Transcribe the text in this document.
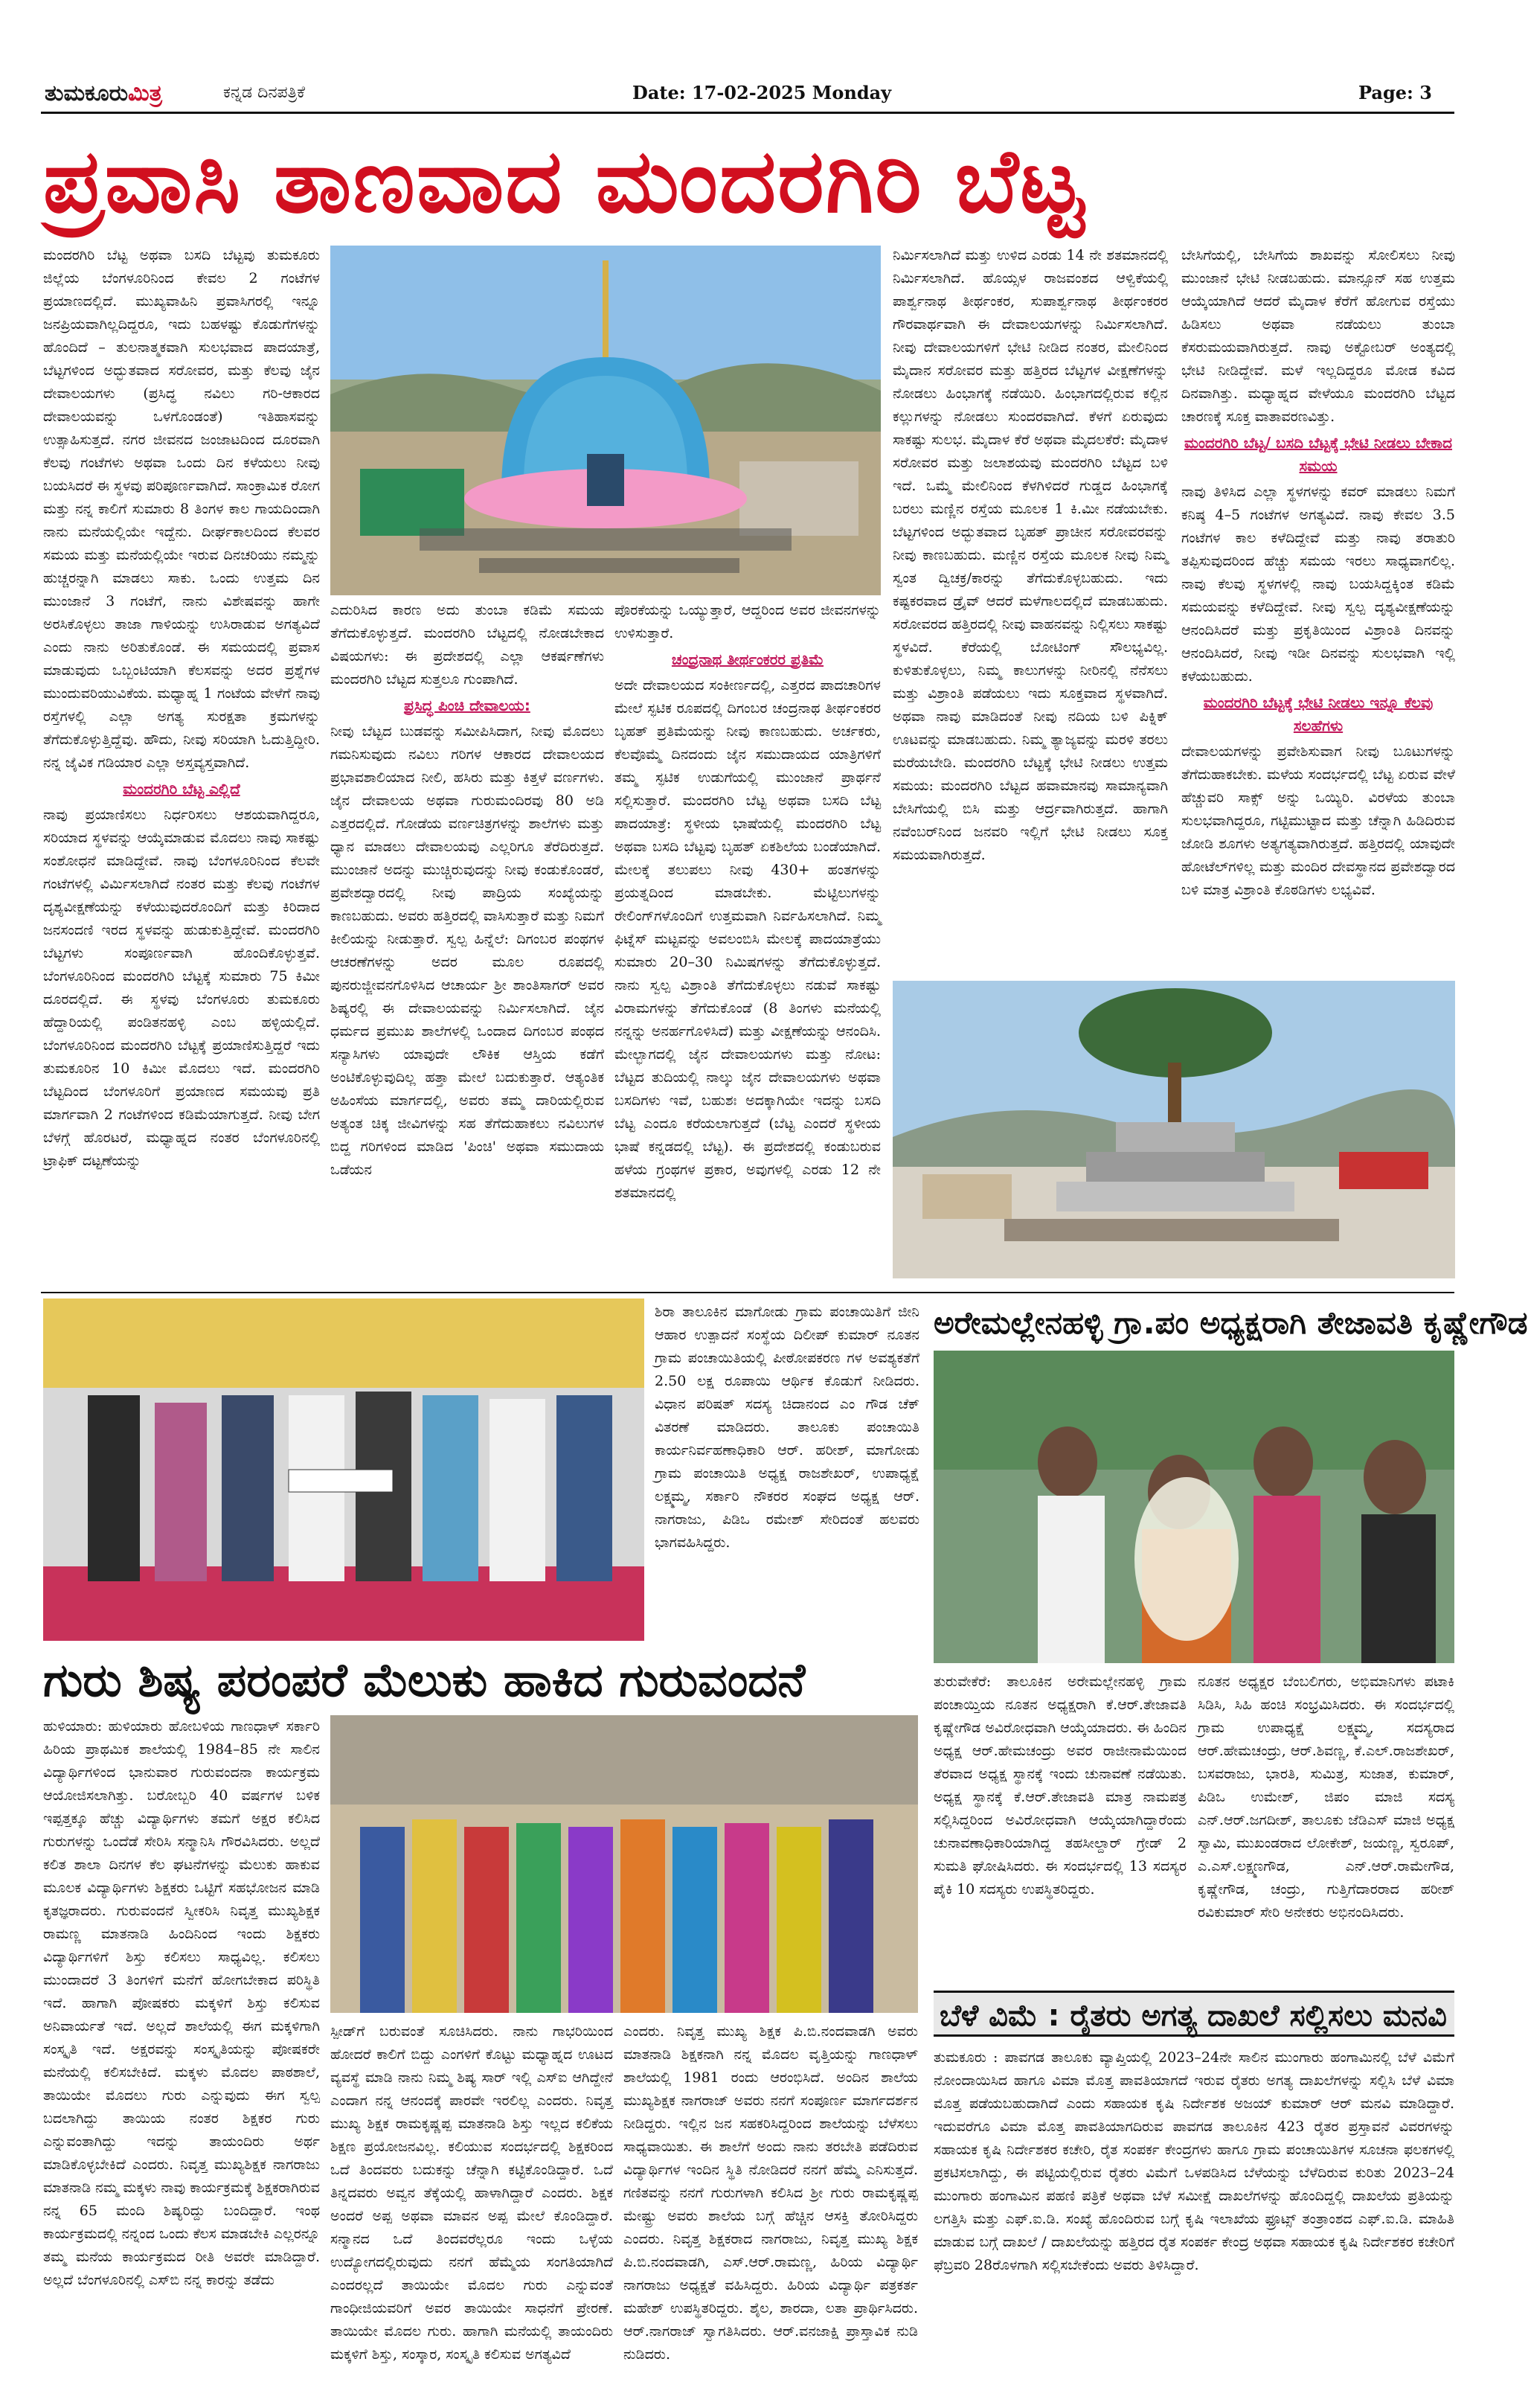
ತುಮಕೂರುಮಿತ್ರ	ಕನ್ನಡ ದಿನಪತ್ರಿಕೆ	Date: 17-02-2025 Monday	Page: 3
ಪ್ರವಾಸಿ ತಾಣವಾದ ಮಂದರಗಿರಿ ಬೆಟ್ಟ

ಮಂದರಗಿರಿ ಬೆಟ್ಟ ಅಥವಾ ಬಸದಿ ಬೆಟ್ಟವು ತುಮಕೂರು ಜಿಲ್ಲೆಯ ಬೆಂಗಳೂರಿನಿಂದ ಕೇವಲ 2 ಗಂಟೆಗಳ ಪ್ರಯಾಣದಲ್ಲಿದೆ. ಮುಖ್ಯವಾಹಿನಿ ಪ್ರವಾಸಿಗರಲ್ಲಿ ಇನ್ನೂ ಜನಪ್ರಿಯವಾಗಿಲ್ಲದಿದ್ದರೂ, ಇದು ಬಹಳಷ್ಟು ಕೊಡುಗೆಗಳನ್ನು ಹೊಂದಿದೆ – ತುಲನಾತ್ಮಕವಾಗಿ ಸುಲಭವಾದ ಪಾದಯಾತ್ರೆ, ಬೆಟ್ಟಗಳಿಂದ ಅದ್ಭುತವಾದ ಸರೋವರ, ಮತ್ತು ಕೆಲವು ಜೈನ ದೇವಾಲಯಗಳು (ಪ್ರಸಿದ್ಧ ನವಿಲು ಗರಿ-ಆಕಾರದ ದೇವಾಲಯವನ್ನು ಒಳಗೊಂಡಂತೆ) ಇತಿಹಾಸವನ್ನು ಉತ್ಸಾಹಿಸುತ್ತದೆ. ನಗರ ಜೀವನದ ಜಂಜಾಟದಿಂದ ದೂರವಾಗಿ ಕೆಲವು ಗಂಟೆಗಳು ಅಥವಾ ಒಂದು ದಿನ ಕಳೆಯಲು ನೀವು ಬಯಸಿದರೆ ಈ ಸ್ಥಳವು ಪರಿಪೂರ್ಣವಾಗಿದೆ. ಸಾಂಕ್ರಾಮಿಕ ರೋಗ ಮತ್ತು ನನ್ನ ಕಾಲಿಗೆ ಸುಮಾರು 8 ತಿಂಗಳ ಕಾಲ ಗಾಯದಿಂದಾಗಿ ನಾನು ಮನೆಯಲ್ಲಿಯೇ ಇದ್ದೆನು. ದೀರ್ಘಕಾಲದಿಂದ ಕೆಲವರ ಸಮಯ ಮತ್ತು ಮನೆಯಲ್ಲಿಯೇ ಇರುವ ದಿನಚರಿಯು ನಮ್ಮನ್ನು ಹುಚ್ಚರನ್ನಾಗಿ ಮಾಡಲು ಸಾಕು. ಒಂದು ಉತ್ತಮ ದಿನ ಮುಂಜಾನೆ 3 ಗಂಟೆಗೆ, ನಾನು ವಿಶೇಷವನ್ನು ಹಾಗೇ ಅರಸಿಕೊಳ್ಳಲು ತಾಜಾ ಗಾಳಿಯನ್ನು ಉಸಿರಾಡುವ ಅಗತ್ಯವಿದೆ ಎಂದು ನಾನು ಅರಿತುಕೊಂಡೆ. ಈ ಸಮಯದಲ್ಲಿ ಪ್ರವಾಸ ಮಾಡುವುದು ಒಬ್ಬಂಟಿಯಾಗಿ ಕೆಲಸವನ್ನು ಅದರ ಪ್ರಶ್ನೆಗಳ ಮುಂದುವರಿಯುವಿಕೆಯ. ಮಧ್ಯಾಹ್ನ 1 ಗಂಟೆಯ ವೇಳೆಗೆ ನಾವು ರಸ್ತೆಗಳಲ್ಲಿ ಎಲ್ಲಾ ಅಗತ್ಯ ಸುರಕ್ಷತಾ ಕ್ರಮಗಳನ್ನು ತೆಗೆದುಕೊಳ್ಳುತ್ತಿದ್ದೆವು. ಹೌದು, ನೀವು ಸರಿಯಾಗಿ ಓದುತ್ತಿದ್ದೀರಿ. ನನ್ನ ಜೈವಿಕ ಗಡಿಯಾರ ಎಲ್ಲಾ ಅಸ್ತವ್ಯಸ್ತವಾಗಿದೆ.

ಮಂದರಗಿರಿ ಬೆಟ್ಟ ಎಲ್ಲಿದೆ

ನಾವು ಪ್ರಯಾಣಿಸಲು ನಿರ್ಧರಿಸಲು ಆಶಯವಾಗಿದ್ದರೂ, ಸರಿಯಾದ ಸ್ಥಳವನ್ನು ಆಯ್ಕೆಮಾಡುವ ಮೊದಲು ನಾವು ಸಾಕಷ್ಟು ಸಂಶೋಧನೆ ಮಾಡಿದ್ದೇವೆ. ನಾವು ಬೆಂಗಳೂರಿನಿಂದ ಕೆಲವೇ ಗಂಟೆಗಳಲ್ಲಿ ವಿರ್ಮಿಸಲಾಗಿದೆ ನಂತರ ಮತ್ತು ಕೆಲವು ಗಂಟೆಗಳ ದೃಶ್ಯವೀಕ್ಷಣೆಯನ್ನು ಕಳೆಯುವುದರೊಂದಿಗೆ ಮತ್ತು ಕಿರಿದಾದ ಜನಸಂದಣಿ ಇರದ ಸ್ಥಳವನ್ನು ಹುಡುಕುತ್ತಿದ್ದೇವೆ. ಮಂದರಗಿರಿ ಬೆಟ್ಟಗಳು ಸಂಪೂರ್ಣವಾಗಿ ಹೊಂದಿಕೊಳ್ಳುತ್ತವೆ. ಬೆಂಗಳೂರಿನಿಂದ ಮಂದರಗಿರಿ ಬೆಟ್ಟಕ್ಕೆ ಸುಮಾರು 75 ಕಿಮೀ ದೂರದಲ್ಲಿದೆ. ಈ ಸ್ಥಳವು ಬೆಂಗಳೂರು ತುಮಕೂರು ಹೆದ್ದಾರಿಯಲ್ಲಿ ಪಂಡಿತನಹಳ್ಳಿ ಎಂಬ ಹಳ್ಳಿಯಲ್ಲಿದೆ. ಬೆಂಗಳೂರಿನಿಂದ ಮಂದರಗಿರಿ ಬೆಟ್ಟಕ್ಕೆ ಪ್ರಯಾಣಿಸುತ್ತಿದ್ದರೆ ಇದು ತುಮಕೂರಿನ 10 ಕಿಮೀ ಮೊದಲು ಇದೆ. ಮಂದರಗಿರಿ ಬೆಟ್ಟದಿಂದ ಬೆಂಗಳೂರಿಗೆ ಪ್ರಯಾಣದ ಸಮಯವು ಪ್ರತಿ ಮಾರ್ಗವಾಗಿ 2 ಗಂಟೆಗಳಿಂದ ಕಡಿಮೆಯಾಗುತ್ತದೆ. ನೀವು ಬೇಗ ಬೆಳಗ್ಗೆ ಹೊರಟರೆ, ಮಧ್ಯಾಹ್ನದ ನಂತರ ಬೆಂಗಳೂರಿನಲ್ಲಿ ಟ್ರಾಫಿಕ್ ದಟ್ಟಣೆಯನ್ನು

ಎದುರಿಸಿದ ಕಾರಣ ಅದು ತುಂಬಾ ಕಡಿಮೆ ಸಮಯ ತೆಗೆದುಕೊಳ್ಳುತ್ತದೆ. ಮಂದರಗಿರಿ ಬೆಟ್ಟದಲ್ಲಿ ನೋಡಬೇಕಾದ ವಿಷಯಗಳು: ಈ ಪ್ರದೇಶದಲ್ಲಿ ಎಲ್ಲಾ ಆಕರ್ಷಣೆಗಳು ಮಂದರಗಿರಿ ಬೆಟ್ಟದ ಸುತ್ತಲೂ ಗುಂಪಾಗಿದೆ.

ಪ್ರಸಿದ್ಧ ಪಿಂಚಿ ದೇವಾಲಯ:

ನೀವು ಬೆಟ್ಟದ ಬುಡವನ್ನು ಸಮೀಪಿಸಿದಾಗ, ನೀವು ಮೊದಲು ಗಮನಿಸುವುದು ನವಿಲು ಗರಿಗಳ ಆಕಾರದ ದೇವಾಲಯದ ಪ್ರಭಾವಶಾಲಿಯಾದ ನೀಲಿ, ಹಸಿರು ಮತ್ತು ಕಿತ್ತಳೆ ವರ್ಣಗಳು. ಜೈನ ದೇವಾಲಯ ಅಥವಾ ಗುರುಮಂದಿರವು 80 ಅಡಿ ಎತ್ತರದಲ್ಲಿದೆ. ಗೋಡೆಯ ವರ್ಣಚಿತ್ರಗಳನ್ನು ಶಾಲೆಗಳು ಮತ್ತು ಧ್ಯಾನ ಮಾಡಲು ದೇವಾಲಯವು ಎಲ್ಲರಿಗೂ ತೆರೆದಿರುತ್ತದೆ. ಮುಂಜಾನೆ ಅದನ್ನು ಮುಚ್ಚಿರುವುದನ್ನು ನೀವು ಕಂಡುಕೊಂಡರೆ, ಪ್ರವೇಶದ್ವಾರದಲ್ಲಿ ನೀವು ಪಾದ್ರಿಯ ಸಂಖ್ಯೆಯನ್ನು ಕಾಣಬಹುದು. ಅವರು ಹತ್ತಿರದಲ್ಲಿ ವಾಸಿಸುತ್ತಾರೆ ಮತ್ತು ನಿಮಗೆ ಕೀಲಿಯನ್ನು ನೀಡುತ್ತಾರೆ. ಸ್ವಲ್ಪ ಹಿನ್ನೆಲೆ: ದಿಗಂಬರ ಪಂಥಗಳ ಆಚರಣೆಗಳನ್ನು ಅದರ ಮೂಲ ರೂಪದಲ್ಲಿ ಪುನರುಜ್ಜೀವನಗೊಳಿಸಿದ ಆಚಾರ್ಯ ಶ್ರೀ ಶಾಂತಿಸಾಗರ್ ಅವರ ಶಿಷ್ಯರಲ್ಲಿ ಈ ದೇವಾಲಯವನ್ನು ನಿರ್ಮಿಸಲಾಗಿದೆ. ಜೈನ ಧರ್ಮದ ಪ್ರಮುಖ ಶಾಲೆಗಳಲ್ಲಿ ಒಂದಾದ ದಿಗಂಬರ ಪಂಥದ ಸನ್ಯಾಸಿಗಳು ಯಾವುದೇ ಲೌಕಿಕ ಆಸ್ತಿಯ ಕಡೆಗೆ ಅಂಟಿಕೊಳ್ಳುವುದಿಲ್ಲ ಹತ್ತಾ ಮೇಲೆ ಬದುಕುತ್ತಾರೆ. ಆತ್ಯಂತಿಕ ಅಹಿಂಸೆಯ ಮಾರ್ಗದಲ್ಲಿ, ಅವರು ತಮ್ಮ ದಾರಿಯಲ್ಲಿರುವ ಅತ್ಯಂತ ಚಿಕ್ಕ ಜೀವಿಗಳನ್ನು ಸಹ ತೆಗೆದುಹಾಕಲು ನವಿಲುಗಳ ಬಿದ್ದ ಗರಿಗಳಿಂದ ಮಾಡಿದ 'ಪಿಂಚಿ' ಅಥವಾ ಸಮುದಾಯ ಒಡೆಯನ

ಪೊರಕೆಯನ್ನು ಒಯ್ಯುತ್ತಾರೆ, ಆದ್ದರಿಂದ ಅವರ ಜೀವನಗಳನ್ನು ಉಳಿಸುತ್ತಾರೆ.

ಚಂದ್ರನಾಥ ತೀರ್ಥಂಕರರ ಪ್ರತಿಮೆ

ಅದೇ ದೇವಾಲಯದ ಸಂಕೀರ್ಣದಲ್ಲಿ, ಎತ್ತರದ ಪಾದಚಾರಿಗಳ ಮೇಲೆ ಸ್ಫಟಿಕ ರೂಪದಲ್ಲಿ ದಿಗಂಬರ ಚಂದ್ರನಾಥ ತೀರ್ಥಂಕರರ ಬೃಹತ್ ಪ್ರತಿಮೆಯನ್ನು ನೀವು ಕಾಣಬಹುದು. ಅರ್ಚಕರು, ಕೆಲವೊಮ್ಮೆ ದಿನದಂದು ಜೈನ ಸಮುದಾಯದ ಯಾತ್ರಿಗಳಿಗೆ ತಮ್ಮ ಸ್ಫಟಿಕ ಉಡುಗೆಯಲ್ಲಿ ಮುಂಜಾನೆ ಪ್ರಾರ್ಥನೆ ಸಲ್ಲಿಸುತ್ತಾರೆ. ಮಂದರಗಿರಿ ಬೆಟ್ಟ ಅಥವಾ ಬಸದಿ ಬೆಟ್ಟ ಪಾದಯಾತ್ರೆ: ಸ್ಥಳೀಯ ಭಾಷೆಯಲ್ಲಿ ಮಂದರಗಿರಿ ಬೆಟ್ಟ ಅಥವಾ ಬಸದಿ ಬೆಟ್ಟವು ಬೃಹತ್ ಏಕಶಿಲೆಯ ಬಂಡೆಯಾಗಿದೆ. ಮೇಲಕ್ಕೆ ತಲುಪಲು ನೀವು 430+ ಹಂತಗಳನ್ನು ಪ್ರಯತ್ನದಿಂದ ಮಾಡಬೇಕು. ಮೆಟ್ಟಿಲುಗಳನ್ನು ರೇಲಿಂಗ್‌ಗಳೊಂದಿಗೆ ಉತ್ತಮವಾಗಿ ನಿರ್ವಹಿಸಲಾಗಿದೆ. ನಿಮ್ಮ ಫಿಟ್ನೆಸ್ ಮಟ್ಟವನ್ನು ಅವಲಂಬಿಸಿ ಮೇಲಕ್ಕೆ ಪಾದಯಾತ್ರೆಯು ಸುಮಾರು 20–30 ನಿಮಿಷಗಳನ್ನು ತೆಗೆದುಕೊಳ್ಳುತ್ತದೆ. ನಾನು ಸ್ವಲ್ಪ ವಿಶ್ರಾಂತಿ ತೆಗೆದುಕೊಳ್ಳಲು ನಡುವೆ ಸಾಕಷ್ಟು ವಿರಾಮಗಳನ್ನು ತೆಗೆದುಕೊಂಡೆ (8 ತಿಂಗಳು ಮನೆಯಲ್ಲಿ ನನ್ನನ್ನು ಅನರ್ಹಗೊಳಿಸಿದೆ) ಮತ್ತು ವೀಕ್ಷಣೆಯನ್ನು ಆನಂದಿಸಿ. ಮೇಲ್ಭಾಗದಲ್ಲಿ ಜೈನ ದೇವಾಲಯಗಳು ಮತ್ತು ನೋಟ: ಬೆಟ್ಟದ ತುದಿಯಲ್ಲಿ ನಾಲ್ಕು ಜೈನ ದೇವಾಲಯಗಳು ಅಥವಾ ಬಸದಿಗಳು ಇವೆ, ಬಹುಶಃ ಅದಕ್ಕಾಗಿಯೇ ಇದನ್ನು ಬಸದಿ ಬೆಟ್ಟ ಎಂದೂ ಕರೆಯಲಾಗುತ್ತದೆ (ಬೆಟ್ಟ ಎಂದರೆ ಸ್ಥಳೀಯ ಭಾಷೆ ಕನ್ನಡದಲ್ಲಿ ಬೆಟ್ಟ). ಈ ಪ್ರದೇಶದಲ್ಲಿ ಕಂಡುಬರುವ ಹಳೆಯ ಗ್ರಂಥಗಳ ಪ್ರಕಾರ, ಅವುಗಳಲ್ಲಿ ಎರಡು 12 ನೇ ಶತಮಾನದಲ್ಲಿ

ನಿರ್ಮಿಸಲಾಗಿದೆ ಮತ್ತು ಉಳಿದ ಎರಡು 14 ನೇ ಶತಮಾನದಲ್ಲಿ ನಿರ್ಮಿಸಲಾಗಿದೆ. ಹೊಯ್ಸಳ ರಾಜವಂಶದ ಆಳ್ವಿಕೆಯಲ್ಲಿ ಪಾರ್ಶ್ವನಾಥ ತೀರ್ಥಂಕರ, ಸುಪಾರ್ಶ್ವನಾಥ ತೀರ್ಥಂಕರರ ಗೌರವಾರ್ಥವಾಗಿ ಈ ದೇವಾಲಯಗಳನ್ನು ನಿರ್ಮಿಸಲಾಗಿದೆ. ನೀವು ದೇವಾಲಯಗಳಿಗೆ ಭೇಟಿ ನೀಡಿದ ನಂತರ, ಮೇಲಿನಿಂದ ಮೈದಾನ ಸರೋವರ ಮತ್ತು ಹತ್ತಿರದ ಬೆಟ್ಟಗಳ ವೀಕ್ಷಣೆಗಳನ್ನು ನೋಡಲು ಹಿಂಭಾಗಕ್ಕೆ ನಡೆಯಿರಿ. ಹಿಂಭಾಗದಲ್ಲಿರುವ ಕಲ್ಲಿನ ಕಲ್ಲುಗಳನ್ನು ನೋಡಲು ಸುಂದರವಾಗಿದೆ. ಕೆಳಗೆ ಏರುವುದು ಸಾಕಷ್ಟು ಸುಲಭ. ಮೈದಾಳ ಕೆರೆ ಅಥವಾ ಮೈದಲಕೆರೆ: ಮೈದಾಳ ಸರೋವರ ಮತ್ತು ಜಲಾಶಯವು ಮಂದರಗಿರಿ ಬೆಟ್ಟದ ಬಳಿ ಇದೆ. ಒಮ್ಮೆ ಮೇಲಿನಿಂದ ಕೆಳಗಿಳಿದರೆ ಗುಡ್ಡದ ಹಿಂಭಾಗಕ್ಕೆ ಬರಲು ಮಣ್ಣಿನ ರಸ್ತೆಯ ಮೂಲಕ 1 ಕಿ.ಮೀ ನಡೆಯಬೇಕು. ಬೆಟ್ಟಗಳಿಂದ ಅದ್ಭುತವಾದ ಬೃಹತ್ ಪ್ರಾಚೀನ ಸರೋವರವನ್ನು ನೀವು ಕಾಣಬಹುದು. ಮಣ್ಣಿನ ರಸ್ತೆಯ ಮೂಲಕ ನೀವು ನಿಮ್ಮ ಸ್ವಂತ ದ್ವಿಚಕ್ರ/ಕಾರನ್ನು ತೆಗೆದುಕೊಳ್ಳಬಹುದು. ಇದು ಕಷ್ಟಕರವಾದ ಡ್ರೈವ್ ಆದರೆ ಮಳೆಗಾಲದಲ್ಲಿದೆ ಮಾಡಬಹುದು. ಸರೋವರದ ಹತ್ತಿರದಲ್ಲಿ ನೀವು ವಾಹನವನ್ನು ನಿಲ್ಲಿಸಲು ಸಾಕಷ್ಟು ಸ್ಥಳವಿದೆ. ಕೆರೆಯಲ್ಲಿ ಬೋಟಿಂಗ್ ಸೌಲಭ್ಯವಿಲ್ಲ. ಕುಳಿತುಕೊಳ್ಳಲು, ನಿಮ್ಮ ಕಾಲುಗಳನ್ನು ನೀರಿನಲ್ಲಿ ನೆನೆಸಲು ಮತ್ತು ವಿಶ್ರಾಂತಿ ಪಡೆಯಲು ಇದು ಸೂಕ್ತವಾದ ಸ್ಥಳವಾಗಿದೆ. ಅಥವಾ ನಾವು ಮಾಡಿದಂತೆ ನೀವು ನದಿಯ ಬಳಿ ಪಿಕ್ನಿಕ್ ಊಟವನ್ನು ಮಾಡಬಹುದು. ನಿಮ್ಮ ತ್ಯಾಜ್ಯವನ್ನು ಮರಳಿ ತರಲು ಮರೆಯಬೇಡಿ. ಮಂದರಗಿರಿ ಬೆಟ್ಟಕ್ಕೆ ಭೇಟಿ ನೀಡಲು ಉತ್ತಮ ಸಮಯ: ಮಂದರಗಿರಿ ಬೆಟ್ಟದ ಹವಾಮಾನವು ಸಾಮಾನ್ಯವಾಗಿ ಬೇಸಿಗೆಯಲ್ಲಿ ಬಿಸಿ ಮತ್ತು ಆರ್ದ್ರವಾಗಿರುತ್ತದೆ. ಹಾಗಾಗಿ ನವೆಂಬರ್‌ನಿಂದ ಜನವರಿ ಇಲ್ಲಿಗೆ ಭೇಟಿ ನೀಡಲು ಸೂಕ್ತ ಸಮಯವಾಗಿರುತ್ತದೆ.

ಬೇಸಿಗೆಯಲ್ಲಿ, ಬೇಸಿಗೆಯ ಶಾಖವನ್ನು ಸೋಲಿಸಲು ನೀವು ಮುಂಜಾನೆ ಭೇಟಿ ನೀಡಬಹುದು. ಮಾನ್ಸೂನ್ ಸಹ ಉತ್ತಮ ಆಯ್ಕೆಯಾಗಿದೆ ಆದರೆ ಮೈದಾಳ ಕೆರೆಗೆ ಹೋಗುವ ರಸ್ತೆಯು ಹಿಡಿಸಲು ಅಥವಾ ನಡೆಯಲು ತುಂಬಾ ಕೆಸರುಮಯವಾಗಿರುತ್ತದೆ. ನಾವು ಅಕ್ಟೋಬರ್ ಅಂತ್ಯದಲ್ಲಿ ಭೇಟಿ ನೀಡಿದ್ದೇವೆ. ಮಳೆ ಇಲ್ಲದಿದ್ದರೂ ಮೋಡ ಕವಿದ ದಿನವಾಗಿತ್ತು. ಮಧ್ಯಾಹ್ನದ ವೇಳೆಯೂ ಮಂದರಗಿರಿ ಬೆಟ್ಟದ ಚಾರಣಕ್ಕೆ ಸೂಕ್ತ ವಾತಾವರಣವಿತ್ತು.

ಮಂದರಗಿರಿ ಬೆಟ್ಟ/ ಬಸದಿ ಬೆಟ್ಟಕ್ಕೆ ಭೇಟಿ ನೀಡಲು ಬೇಕಾದ ಸಮಯ

ನಾವು ತಿಳಿಸಿದ ಎಲ್ಲಾ ಸ್ಥಳಗಳನ್ನು ಕವರ್ ಮಾಡಲು ನಿಮಗೆ ಕನಿಷ್ಠ 4–5 ಗಂಟೆಗಳ ಅಗತ್ಯವಿದೆ. ನಾವು ಕೇವಲ 3.5 ಗಂಟೆಗಳ ಕಾಲ ಕಳೆದಿದ್ದೇವೆ ಮತ್ತು ನಾವು ತರಾತುರಿ ತಪ್ಪಿಸುವುದರಿಂದ ಹೆಚ್ಚು ಸಮಯ ಇರಲು ಸಾಧ್ಯವಾಗಲಿಲ್ಲ. ನಾವು ಕೆಲವು ಸ್ಥಳಗಳಲ್ಲಿ ನಾವು ಬಯಸಿದ್ದಕ್ಕಿಂತ ಕಡಿಮೆ ಸಮಯವನ್ನು ಕಳೆದಿದ್ದೇವೆ. ನೀವು ಸ್ವಲ್ಪ ದೃಶ್ಯವೀಕ್ಷಣೆಯನ್ನು ಆನಂದಿಸಿದರೆ ಮತ್ತು ಪ್ರಕೃತಿಯಿಂದ ವಿಶ್ರಾಂತಿ ದಿನವನ್ನು ಆನಂದಿಸಿದರೆ, ನೀವು ಇಡೀ ದಿನವನ್ನು ಸುಲಭವಾಗಿ ಇಲ್ಲಿ ಕಳೆಯಬಹುದು.

ಮಂದರಗಿರಿ ಬೆಟ್ಟಕ್ಕೆ ಭೇಟಿ ನೀಡಲು ಇನ್ನೂ ಕೆಲವು ಸಲಹೆಗಳು

ದೇವಾಲಯಗಳನ್ನು ಪ್ರವೇಶಿಸುವಾಗ ನೀವು ಬೂಟುಗಳನ್ನು ತೆಗೆದುಹಾಕಬೇಕು. ಮಳೆಯ ಸಂದರ್ಭದಲ್ಲಿ ಬೆಟ್ಟ ಏರುವ ವೇಳೆ ಹೆಚ್ಚುವರಿ ಸಾಕ್ಸ್ ಅನ್ನು ಒಯ್ಯಿರಿ. ವಿರಳೆಯ ತುಂಬಾ ಸುಲಭವಾಗಿದ್ದರೂ, ಗಟ್ಟಿಮುಟ್ಟಾದ ಮತ್ತು ಚೆನ್ನಾಗಿ ಹಿಡಿದಿರುವ ಜೋಡಿ ಶೂಗಳು ಅತ್ಯಗತ್ಯವಾಗಿರುತ್ತದೆ. ಹತ್ತಿರದಲ್ಲಿ ಯಾವುದೇ ಹೋಟೆಲ್‌ಗಳಿಲ್ಲ ಮತ್ತು ಮಂದಿರ ದೇವಸ್ಥಾನದ ಪ್ರವೇಶದ್ವಾರದ ಬಳಿ ಮಾತ್ರ ವಿಶ್ರಾಂತಿ ಕೊಠಡಿಗಳು ಲಭ್ಯವಿವೆ.

ಶಿರಾ ತಾಲೂಕಿನ ಮಾಗೋಡು ಗ್ರಾಮ ಪಂಚಾಯಿತಿಗೆ ಜೀನಿ ಆಹಾರ ಉತ್ಪಾದನೆ ಸಂಸ್ಥೆಯ ದಿಲೀಪ್ ಕುಮಾರ್ ನೂತನ ಗ್ರಾಮ ಪಂಚಾಯಿತಿಯಲ್ಲಿ ಪೀಠೋಪಕರಣ ಗಳ ಅವಶ್ಯಕತೆಗೆ 2.50 ಲಕ್ಷ ರೂಪಾಯಿ ಆರ್ಥಿಕ ಕೊಡುಗೆ ನೀಡಿದರು. ವಿಧಾನ ಪರಿಷತ್ ಸದಸ್ಯ ಚಿದಾನಂದ ಎಂ ಗೌಡ ಚೆಕ್ ವಿತರಣೆ ಮಾಡಿದರು. ತಾಲೂಕು ಪಂಚಾಯಿತಿ ಕಾರ್ಯನಿರ್ವಹಣಾಧಿಕಾರಿ ಆರ್. ಹರೀಶ್, ಮಾಗೋಡು ಗ್ರಾಮ ಪಂಚಾಯಿತಿ ಅಧ್ಯಕ್ಷ ರಾಜಶೇಖರ್, ಉಪಾಧ್ಯಕ್ಷೆ ಲಕ್ಷ್ಮಮ್ಮ, ಸರ್ಕಾರಿ ನೌಕರರ ಸಂಘದ ಅಧ್ಯಕ್ಷ ಆರ್. ನಾಗರಾಜು, ಪಿಡಿಒ ರಮೇಶ್ ಸೇರಿದಂತೆ ಹಲವರು ಭಾಗವಹಿಸಿದ್ದರು.

ಅರೇಮಲ್ಲೇನಹಳ್ಳಿ ಗ್ರಾ.ಪಂ ಅಧ್ಯಕ್ಷರಾಗಿ ತೇಜಾವತಿ ಕೃಷ್ಣೇಗೌಡ
ಗುರು ಶಿಷ್ಯ ಪರಂಪರೆ ಮೆಲುಕು ಹಾಕಿದ ಗುರುವಂದನೆ

ಹುಳಿಯಾರು: ಹುಳಿಯಾರು ಹೋಬಳಿಯ ಗಾಣಧಾಳ್ ಸರ್ಕಾರಿ ಹಿರಿಯ ಪ್ರಾಥಮಿಕ ಶಾಲೆಯಲ್ಲಿ 1984–85 ನೇ ಸಾಲಿನ ವಿದ್ಯಾರ್ಥಿಗಳಿಂದ ಭಾನುವಾರ ಗುರುವಂದನಾ ಕಾರ್ಯಕ್ರಮ ಆಯೋಜಿಸಲಾಗಿತ್ತು. ಬರೋಬ್ಬರಿ 40 ವರ್ಷಗಳ ಬಳಿಕ ಇಪ್ಪತ್ತಕ್ಕೂ ಹೆಚ್ಚು ವಿದ್ಯಾರ್ಥಿಗಳು ತಮಗೆ ಅಕ್ಷರ ಕಲಿಸಿದ ಗುರುಗಳನ್ನು ಒಂದೆಡೆ ಸೇರಿಸಿ ಸನ್ಮಾನಿಸಿ ಗೌರವಿಸಿದರು. ಅಲ್ಲದೆ ಕಲಿತ ಶಾಲಾ ದಿನಗಳ ಕೆಲ ಘಟನೆಗಳನ್ನು ಮೆಲುಕು ಹಾಕುವ ಮೂಲಕ ವಿದ್ಯಾರ್ಥಿಗಳು ಶಿಕ್ಷಕರು ಒಟ್ಟಿಗೆ ಸಹಭೋಜನ ಮಾಡಿ ಕೃತಜ್ಞರಾದರು. ಗುರುವಂದನೆ ಸ್ವೀಕರಿಸಿ ನಿವೃತ್ತ ಮುಖ್ಯಶಿಕ್ಷಕ ರಾಮಣ್ಣ ಮಾತನಾಡಿ ಹಿಂದಿನಿಂದ ಇಂದು ಶಿಕ್ಷಕರು ವಿದ್ಯಾರ್ಥಿಗಳಿಗೆ ಶಿಸ್ತು ಕಲಿಸಲು ಸಾಧ್ಯವಿಲ್ಲ. ಕಲಿಸಲು ಮುಂದಾದರೆ 3 ತಿಂಗಳಿಗೆ ಮನೆಗೆ ಹೋಗಬೇಕಾದ ಪರಿಸ್ಥಿತಿ ಇದೆ. ಹಾಗಾಗಿ ಪೋಷಕರು ಮಕ್ಕಳಿಗೆ ಶಿಸ್ತು ಕಲಿಸುವ ಅನಿವಾರ್ಯತೆ ಇದೆ. ಅಲ್ಲದೆ ಶಾಲೆಯಲ್ಲಿ ಈಗ ಮಕ್ಕಳಿಗಾಗಿ ಸಂಸ್ಕೃತಿ ಇದೆ. ಅಕ್ಷರವನ್ನು ಸಂಸ್ಕೃತಿಯನ್ನು ಪೋಷಕರೇ ಮನೆಯಲ್ಲಿ ಕಲಿಸಬೇಕಿದೆ. ಮಕ್ಕಳು ಮೊದಲ ಪಾಠಶಾಲೆ, ತಾಯಿಯೇ ಮೊದಲು ಗುರು ಎನ್ನುವುದು ಈಗ ಸ್ವಲ್ಪ ಬದಲಾಗಿದ್ದು ತಾಯಿಯ ನಂತರ ಶಿಕ್ಷಕರ ಗುರು ಎನ್ನುವಂತಾಗಿದ್ದು ಇದನ್ನು ತಾಯಂದಿರು ಅರ್ಥ ಮಾಡಿಕೊಳ್ಳಬೇಕಿದೆ ಎಂದರು. ನಿವೃತ್ತ ಮುಖ್ಯಶಿಕ್ಷಕ ನಾಗರಾಜು ಮಾತನಾಡಿ ನಮ್ಮ ಮಕ್ಕಳು ನಾವು ಕಾರ್ಯಕ್ರಮಕ್ಕೆ ಶಿಕ್ಷಕರಾಗಿರುವ ನನ್ನ 65 ಮಂದಿ ಶಿಷ್ಯರಿದ್ದು ಬಂದಿದ್ದಾರೆ. ಇಂಥ ಕಾರ್ಯಕ್ರಮದಲ್ಲಿ ನನ್ನಂದ ಒಂದು ಕೆಲಸ ಮಾಡಬೇಕಿ ಎಲ್ಲರನ್ನೂ ತಮ್ಮ ಮನೆಯ ಕಾರ್ಯಕ್ರಮದ ರೀತಿ ಅವರೇ ಮಾಡಿದ್ದಾರೆ. ಅಲ್ಲದೆ ಬೆಂಗಳೂರಿನಲ್ಲಿ ಎಸ್‌ಬಿ ನನ್ನ ಕಾರನ್ನು ತಡೆದು

ಸ್ಪೀಡ್‌ಗೆ ಬರುವಂತೆ ಸೂಚಿಸಿದರು. ನಾನು ಗಾಭರಿಯಿಂದ ಹೋದರೆ ಕಾಲಿಗೆ ಬಿದ್ದು ಎಂಗಳಿಗೆ ಕೊಟ್ಟು ಮಧ್ಯಾಹ್ನದ ಊಟದ ವ್ಯವಸ್ಥೆ ಮಾಡಿ ನಾನು ನಿಮ್ಮ ಶಿಷ್ಯ ಸಾರ್ ಇಲ್ಲಿ ಎಸ್‌ಐ ಆಗಿದ್ದೇನೆ ಎಂದಾಗ ನನ್ನ ಆನಂದಕ್ಕೆ ಪಾರವೇ ಇರಲಿಲ್ಲ ಎಂದರು. ನಿವೃತ್ತ ಮುಖ್ಯ ಶಿಕ್ಷಕ ರಾಮಕೃಷ್ಣಪ್ಪ ಮಾತನಾಡಿ ಶಿಸ್ತು ಇಲ್ಲದ ಕಲಿಕೆಯ ಶಿಕ್ಷಣ ಪ್ರಯೋಜನವಿಲ್ಲ. ಕಲಿಯುವ ಸಂದರ್ಭದಲ್ಲಿ ಶಿಕ್ಷಕರಿಂದ ಒದೆ ತಿಂದವರು ಬದುಕನ್ನು ಚೆನ್ನಾಗಿ ಕಟ್ಟಿಕೊಂಡಿದ್ದಾರೆ. ಒದೆ ತಿನ್ನದವರು ಅವ್ವನ ತೆಕ್ಕೆಯಲ್ಲಿ ಹಾಳಾಗಿದ್ದಾರೆ ಎಂದರು. ಶಿಕ್ಷಕ ಅಂದರೆ ಅಪ್ಪ ಅಥವಾ ಮಾವನ ಅಪ್ಪ ಮೇಲೆ ಕೊಂಡಿದ್ದಾರೆ. ಸನ್ಮಾನದ ಒದೆ ತಿಂದವರೆಲ್ಲರೂ ಇಂದು ಒಳ್ಳೆಯ ಉದ್ಯೋಗದಲ್ಲಿರುವುದು ನನಗೆ ಹೆಮ್ಮೆಯ ಸಂಗತಿಯಾಗಿದೆ ಎಂದರಲ್ಲದೆ ತಾಯಿಯೇ ಮೊದಲ ಗುರು ಎನ್ನುವಂತೆ ಗಾಂಧೀಜಿಯವರಿಗೆ ಅವರ ತಾಯಿಯೇ ಸಾಧನೆಗೆ ಪ್ರೇರಣೆ. ತಾಯಿಯೇ ಮೊದಲ ಗುರು. ಹಾಗಾಗಿ ಮನೆಯಲ್ಲಿ ತಾಯಂದಿರು ಮಕ್ಕಳಿಗೆ ಶಿಸ್ತು, ಸಂಸ್ಕಾರ, ಸಂಸ್ಕೃತಿ ಕಲಿಸುವ ಅಗತ್ಯವಿದೆ

ಎಂದರು. ನಿವೃತ್ತ ಮುಖ್ಯ ಶಿಕ್ಷಕ ಪಿ.ಬಿ.ನಂದವಾಡಗಿ ಅವರು ಮಾತನಾಡಿ ಶಿಕ್ಷಕನಾಗಿ ನನ್ನ ಮೊದಲ ವೃತ್ತಿಯನ್ನು ಗಾಣಧಾಳ್ ಶಾಲೆಯಲ್ಲಿ 1981 ರಂದು ಆರಂಭಿಸಿದೆ. ಅಂದಿನ ಶಾಲೆಯ ಮುಖ್ಯಶಿಕ್ಷಕ ನಾಗರಾಜ್ ಅವರು ನನಗೆ ಸಂಪೂರ್ಣ ಮಾರ್ಗದರ್ಶನ ನೀಡಿದ್ದರು. ಇಲ್ಲಿನ ಜನ ಸಹಕರಿಸಿದ್ದರಿಂದ ಶಾಲೆಯನ್ನು ಬೆಳೆಸಲು ಸಾಧ್ಯವಾಯಿತು. ಈ ಶಾಲೆಗೆ ಅಂದು ನಾನು ತರಬೇತಿ ಪಡೆದಿರುವ ವಿದ್ಯಾರ್ಥಿಗಳ ಇಂದಿನ ಸ್ಥಿತಿ ನೋಡಿದರೆ ನನಗೆ ಹೆಮ್ಮೆ ಎನಿಸುತ್ತದೆ. ಗಣಿತವನ್ನು ನನಗೆ ಗುರುಗಳಾಗಿ ಕಲಿಸಿದ ಶ್ರೀ ಗುರು ರಾಮಕೃಷ್ಣಪ್ಪ ಮೇಷ್ಟ್ರು ಅವರು ಶಾಲೆಯ ಬಗ್ಗೆ ಹೆಚ್ಚಿನ ಆಸಕ್ತಿ ತೋರಿಸಿದ್ದರು ಎಂದರು. ನಿವೃತ್ತ ಶಿಕ್ಷಕರಾದ ನಾಗರಾಜು, ನಿವೃತ್ತ ಮುಖ್ಯ ಶಿಕ್ಷಕ ಪಿ.ಬಿ.ನಂದವಾಡಗಿ, ಎಸ್.ಆರ್.ರಾಮಣ್ಣ, ಹಿರಿಯ ವಿದ್ಯಾರ್ಥಿ ನಾಗರಾಜು ಅಧ್ಯಕ್ಷತೆ ವಹಿಸಿದ್ದರು. ಹಿರಿಯ ವಿದ್ಯಾರ್ಥಿ ಪತ್ರಕರ್ತ ಮಹೇಶ್ ಉಪಸ್ಥಿತರಿದ್ದರು. ಶೈಲ, ಶಾರದಾ, ಲತಾ ಪ್ರಾರ್ಥಿಸಿದರು. ಆರ್.ನಾಗರಾಜ್ ಸ್ವಾಗತಿಸಿದರು. ಆರ್.ವನಜಾಕ್ಷಿ ಪ್ರಾಸ್ತಾವಿಕ ನುಡಿ ನುಡಿದರು.

ತುರುವೇಕೆರೆ: ತಾಲೂಕಿನ ಅರೇಮಲ್ಲೇನಹಳ್ಳಿ ಗ್ರಾಮ ಪಂಚಾಯ್ತಿಯ ನೂತನ ಅಧ್ಯಕ್ಷರಾಗಿ ಕೆ.ಆರ್.ತೇಜಾವತಿ ಕೃಷ್ಣೇಗೌಡ ಅವಿರೋಧವಾಗಿ ಆಯ್ಕೆಯಾದರು. ಈ ಹಿಂದಿನ ಅಧ್ಯಕ್ಷ ಆರ್.ಹೇಮಚಂದ್ರು ಅವರ ರಾಜೀನಾಮೆಯಿಂದ ತೆರವಾದ ಅಧ್ಯಕ್ಷ ಸ್ಥಾನಕ್ಕೆ ಇಂದು ಚುನಾವಣೆ ನಡೆಯಿತು. ಅಧ್ಯಕ್ಷ ಸ್ಥಾನಕ್ಕೆ ಕೆ.ಆರ್.ತೇಜಾವತಿ ಮಾತ್ರ ನಾಮಪತ್ರ ಸಲ್ಲಿಸಿದ್ದರಿಂದ ಅವಿರೋಧವಾಗಿ ಆಯ್ಕೆಯಾಗಿದ್ದಾರೆಂದು ಚುನಾವಣಾಧಿಕಾರಿಯಾಗಿದ್ದ ತಹಸೀಲ್ದಾರ್ ಗ್ರೇಡ್ 2 ಸುಮತಿ ಘೋಷಿಸಿದರು. ಈ ಸಂದರ್ಭದಲ್ಲಿ 13 ಸದಸ್ಯರ ಪೈಕಿ 10 ಸದಸ್ಯರು ಉಪಸ್ಥಿತರಿದ್ದರು.

ನೂತನ ಅಧ್ಯಕ್ಷರ ಬೆಂಬಲಿಗರು, ಅಭಿಮಾನಿಗಳು ಪಟಾಕಿ ಸಿಡಿಸಿ, ಸಿಹಿ ಹಂಚಿ ಸಂಭ್ರಮಿಸಿದರು. ಈ ಸಂದರ್ಭದಲ್ಲಿ ಗ್ರಾಮ ಉಪಾಧ್ಯಕ್ಷೆ ಲಕ್ಷ್ಮಮ್ಮ, ಸದಸ್ಯರಾದ ಆರ್.ಹೇಮಚಂದ್ರು, ಆರ್.ಶಿವಣ್ಣ, ಕೆ.ಎಲ್.ರಾಜಶೇಖರ್, ಬಸವರಾಜು, ಭಾರತಿ, ಸುಮಿತ್ರ, ಸುಜಾತ, ಕುಮಾರ್, ಪಿಡಿಒ ಉಮೇಶ್, ಜಿಪಂ ಮಾಜಿ ಸದಸ್ಯ ಎನ್.ಆರ್.ಜಗದೀಶ್, ತಾಲೂಕು ಜೆಡಿಎಸ್ ಮಾಜಿ ಅಧ್ಯಕ್ಷ ಸ್ವಾಮಿ, ಮುಖಂಡರಾದ ಲೋಕೇಶ್, ಜಯಣ್ಣ, ಸ್ವರೂಪ್, ಎ.ಎಸ್.ಲಕ್ಷ್ಮಣಗೌಡ, ಎನ್.ಆರ್.ರಾಮೇಗೌಡ, ಕೃಷ್ಣೇಗೌಡ, ಚಂದ್ರು, ಗುತ್ತಿಗೆದಾರರಾದ ಹರೀಶ್ ರವಿಕುಮಾರ್ ಸೇರಿ ಅನೇಕರು ಅಭಿನಂದಿಸಿದರು.

ಬೆಳೆ ವಿಮೆ : ರೈತರು ಅಗತ್ಯ ದಾಖಲೆ ಸಲ್ಲಿಸಲು ಮನವಿ

ತುಮಕೂರು : ಪಾವಗಡ ತಾಲೂಕು ವ್ಯಾಪ್ತಿಯಲ್ಲಿ 2023–24ನೇ ಸಾಲಿನ ಮುಂಗಾರು ಹಂಗಾಮಿನಲ್ಲಿ ಬೆಳೆ ವಿಮೆಗೆ ನೋಂದಾಯಿಸಿದ ಹಾಗೂ ವಿಮಾ ಮೊತ್ತ ಪಾವತಿಯಾಗದೆ ಇರುವ ರೈತರು ಅಗತ್ಯ ದಾಖಲೆಗಳನ್ನು ಸಲ್ಲಿಸಿ ಬೆಳೆ ವಿಮಾ ಮೊತ್ತ ಪಡೆಯಬಹುದಾಗಿದೆ ಎಂದು ಸಹಾಯಕ ಕೃಷಿ ನಿರ್ದೇಶಕ ಅಜಯ್ ಕುಮಾರ್ ಆರ್ ಮನವಿ ಮಾಡಿದ್ದಾರೆ. ಇದುವರೆಗೂ ವಿಮಾ ಮೊತ್ತ ಪಾವತಿಯಾಗದಿರುವ ಪಾವಗಡ ತಾಲೂಕಿನ 423 ರೈತರ ಪ್ರಸ್ತಾವನೆ ವಿವರಗಳನ್ನು ಸಹಾಯಕ ಕೃಷಿ ನಿರ್ದೇಶಕರ ಕಚೇರಿ, ರೈತ ಸಂಪರ್ಕ ಕೇಂದ್ರಗಳು ಹಾಗೂ ಗ್ರಾಮ ಪಂಚಾಯಿತಿಗಳ ಸೂಚನಾ ಫಲಕಗಳಲ್ಲಿ ಪ್ರಕಟಿಸಲಾಗಿದ್ದು, ಈ ಪಟ್ಟಿಯಲ್ಲಿರುವ ರೈತರು ವಿಮೆಗೆ ಒಳಪಡಿಸಿದ ಬೆಳೆಯನ್ನು ಬೆಳೆದಿರುವ ಕುರಿತು 2023–24 ಮುಂಗಾರು ಹಂಗಾಮಿನ ಪಹಣಿ ಪತ್ರಿಕೆ ಅಥವಾ ಬೆಳೆ ಸಮೀಕ್ಷೆ ದಾಖಲೆಗಳನ್ನು ಹೊಂದಿದ್ದಲ್ಲಿ ದಾಖಲೆಯ ಪ್ರತಿಯನ್ನು ಲಗತ್ತಿಸಿ ಮತ್ತು ಎಫ್.ಐ.ಡಿ. ಸಂಖ್ಯೆ ಹೊಂದಿರುವ ಬಗ್ಗೆ ಕೃಷಿ ಇಲಾಖೆಯ ಫ್ರೂಟ್ಸ್ ತಂತ್ರಾಂಶದ ಎಫ್.ಐ.ಡಿ. ಮಾಹಿತಿ ಮಾಡುವ ಬಗ್ಗೆ ದಾಖಲೆ / ದಾಖಲೆಯನ್ನು ಹತ್ತಿರದ ರೈತ ಸಂಪರ್ಕ ಕೇಂದ್ರ ಅಥವಾ ಸಹಾಯಕ ಕೃಷಿ ನಿರ್ದೇಶಕರ ಕಚೇರಿಗೆ ಫೆಬ್ರವರಿ 28ರೊಳಗಾಗಿ ಸಲ್ಲಿಸಬೇಕೆಂದು ಅವರು ತಿಳಿಸಿದ್ದಾರೆ.
